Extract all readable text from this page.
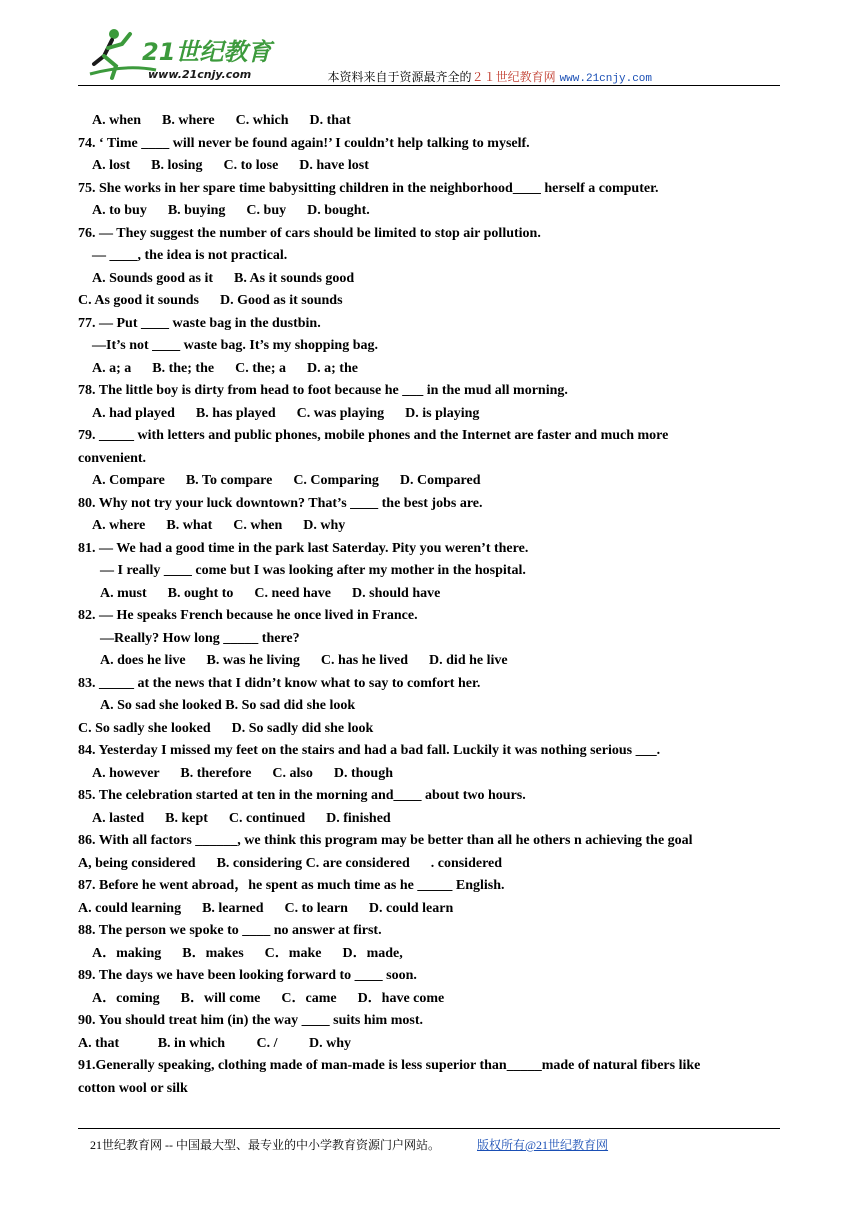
21世纪教育
www.21cnjy.com	本资料来自于资源最齐全的２１世纪教育网 www.21cnjy.com
A. when      B. where      C. which      D. that
74. ‘ Time ____ will never be found again!’ I couldn’t help talking to myself.
A. lost      B. losing      C. to lose      D. have lost
75. She works in her spare time babysitting children in the neighborhood____ herself a computer.
A. to buy      B. buying      C. buy      D. bought.
76. — They suggest the number of cars should be limited to stop air pollution.
— ____, the idea is not practical.
A. Sounds good as it      B. As it sounds good
C. As good it sounds      D. Good as it sounds
77. — Put ____ waste bag in the dustbin.
—It’s not ____ waste bag. It’s my shopping bag.
A. a; a      B. the; the      C. the; a      D. a; the
78. The little boy is dirty from head to foot because he ___ in the mud all morning.
A. had played      B. has played      C. was playing      D. is playing
79. _____ with letters and public phones, mobile phones and the Internet are faster and much more
convenient.
A. Compare      B. To compare      C. Comparing      D. Compared
80. Why not try your luck downtown? That’s ____ the best jobs are.
A. where      B. what      C. when      D. why
81. — We had a good time in the park last Saterday. Pity you weren’t there.
— I really ____ come but I was looking after my mother in the hospital.
A. must      B. ought to      C. need have      D. should have
82. — He speaks French because he once lived in France.
—Really? How long _____ there?
A. does he live      B. was he living      C. has he lived      D. did he live
83. _____ at the news that I didn’t know what to say to comfort her.
A. So sad she looked B. So sad did she look
C. So sadly she looked      D. So sadly did she look
84. Yesterday I missed my feet on the stairs and had a bad fall. Luckily it was nothing serious ___.
A. however      B. therefore      C. also      D. though
85. The celebration started at ten in the morning and____ about two hours.
A. lasted      B. kept      C. continued      D. finished
86. With all factors ______, we think this program may be better than all he others n achieving the goal
A, being considered      B. considering C. are considered      . considered
87. Before he went abroad，he spent as much time as he _____ English.
A. could learning      B. learned      C. to learn      D. could learn
88. The person we spoke to ____ no answer at first.
A．making      B．makes      C．make      D．made,
89. The days we have been looking forward to ____ soon.
A．coming      B．will come      C．came      D．have come
90. You should treat him (in) the way ____ suits him most.
A. that           B. in which         C. /         D. why
91.Generally speaking, clothing made of man-made is less superior than_____made of natural fibers like
cotton wool or silk
21世纪教育网 -- 中国最大型、最专业的中小学教育资源门户网站。	版权所有@21世纪教育网
